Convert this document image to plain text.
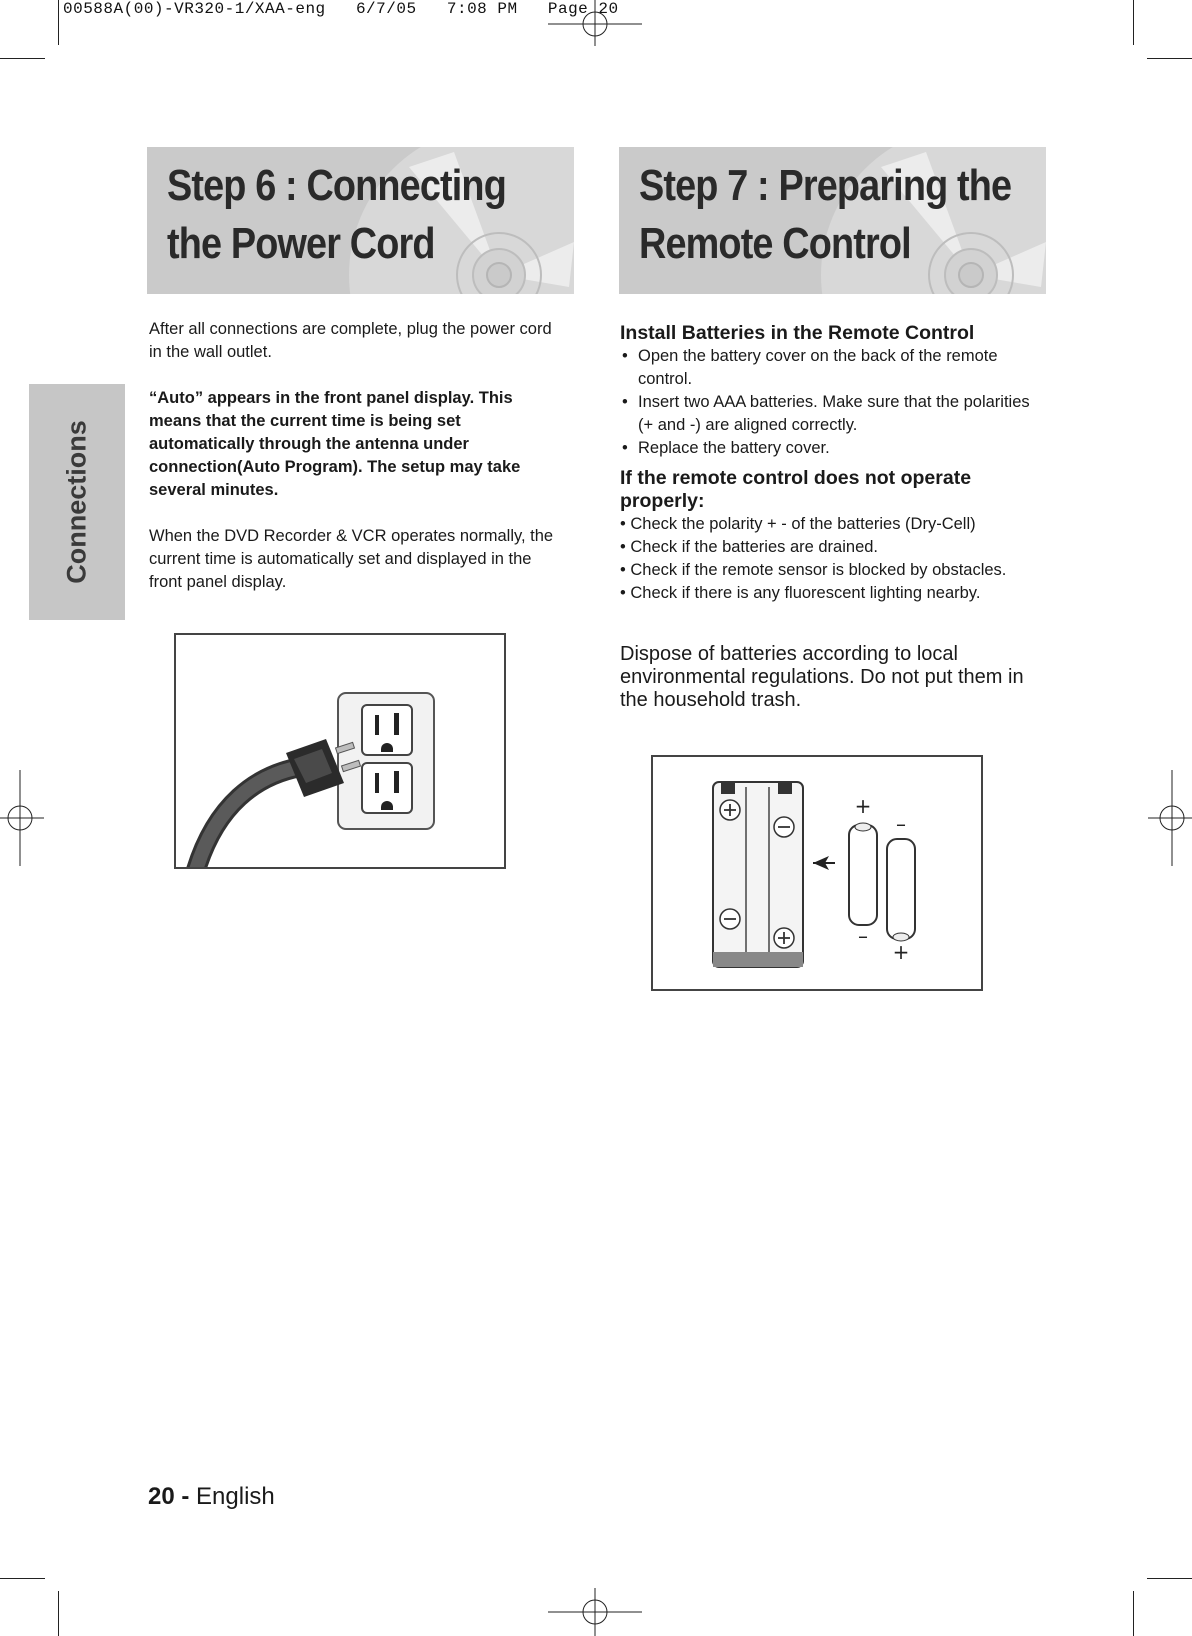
00588A(00)-VR320-1/XAA-eng   6/7/05   7:08 PM   Page 20
Connections
Step 6 : Connecting
the Power Cord

After all connections are complete, plug the power cord in the wall outlet.

“Auto” appears in the front panel display. This means that the current time is being set automatically through the antenna under connection(Auto Program). The setup may take several minutes.

When the DVD Recorder & VCR operates normally, the current time is automatically set and displayed in the front panel display.

Step 7 : Preparing the
Remote Control
Install Batteries in the Remote Control
• Open the battery cover on the back of the remote control.
• Insert two AAA batteries. Make sure that the polarities (+ and -) are aligned correctly.
• Replace the battery cover.
If the remote control does not operate properly:
• Check the polarity + - of the batteries (Dry-Cell)
• Check if the batteries are drained.
• Check if the remote sensor is blocked by obstacles.
• Check if there is any fluorescent lighting nearby.
Dispose of batteries according to local environmental regulations. Do not put them in the household trash.
+
–
–
+
20 - English
